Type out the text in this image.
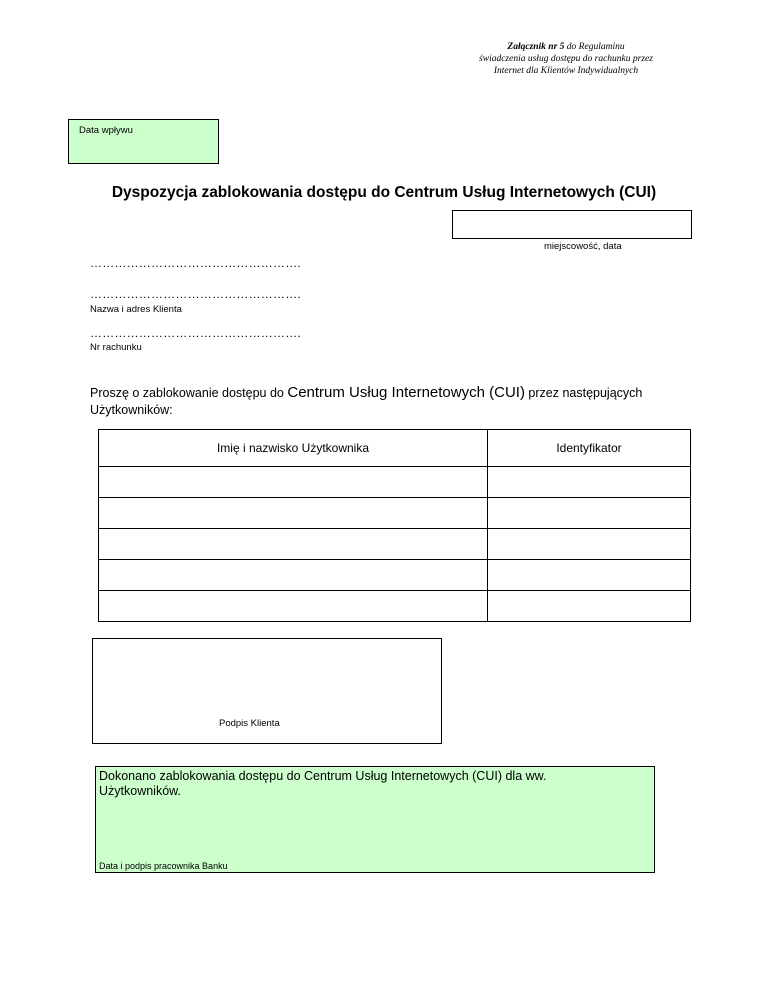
Załącznik nr 5 do Regulaminu
świadczenia usług dostępu do rachunku przez
Internet dla Klientów Indywidualnych
Data wpływu
Dyspozycja zablokowania dostępu do Centrum Usług Internetowych (CUI)
miejscowość, data
…………………………………………….
…………………………………………….
Nazwa i adres Klienta
…………………………………………….
Nr rachunku
Proszę o zablokowanie dostępu do Centrum Usług Internetowych (CUI) przez następujących Użytkowników:
Imię i nazwisko Użytkownika	Identyfikator

Podpis Klienta
Dokonano zablokowania dostępu do Centrum Usług Internetowych (CUI) dla ww. Użytkowników.
Data i podpis pracownika Banku
